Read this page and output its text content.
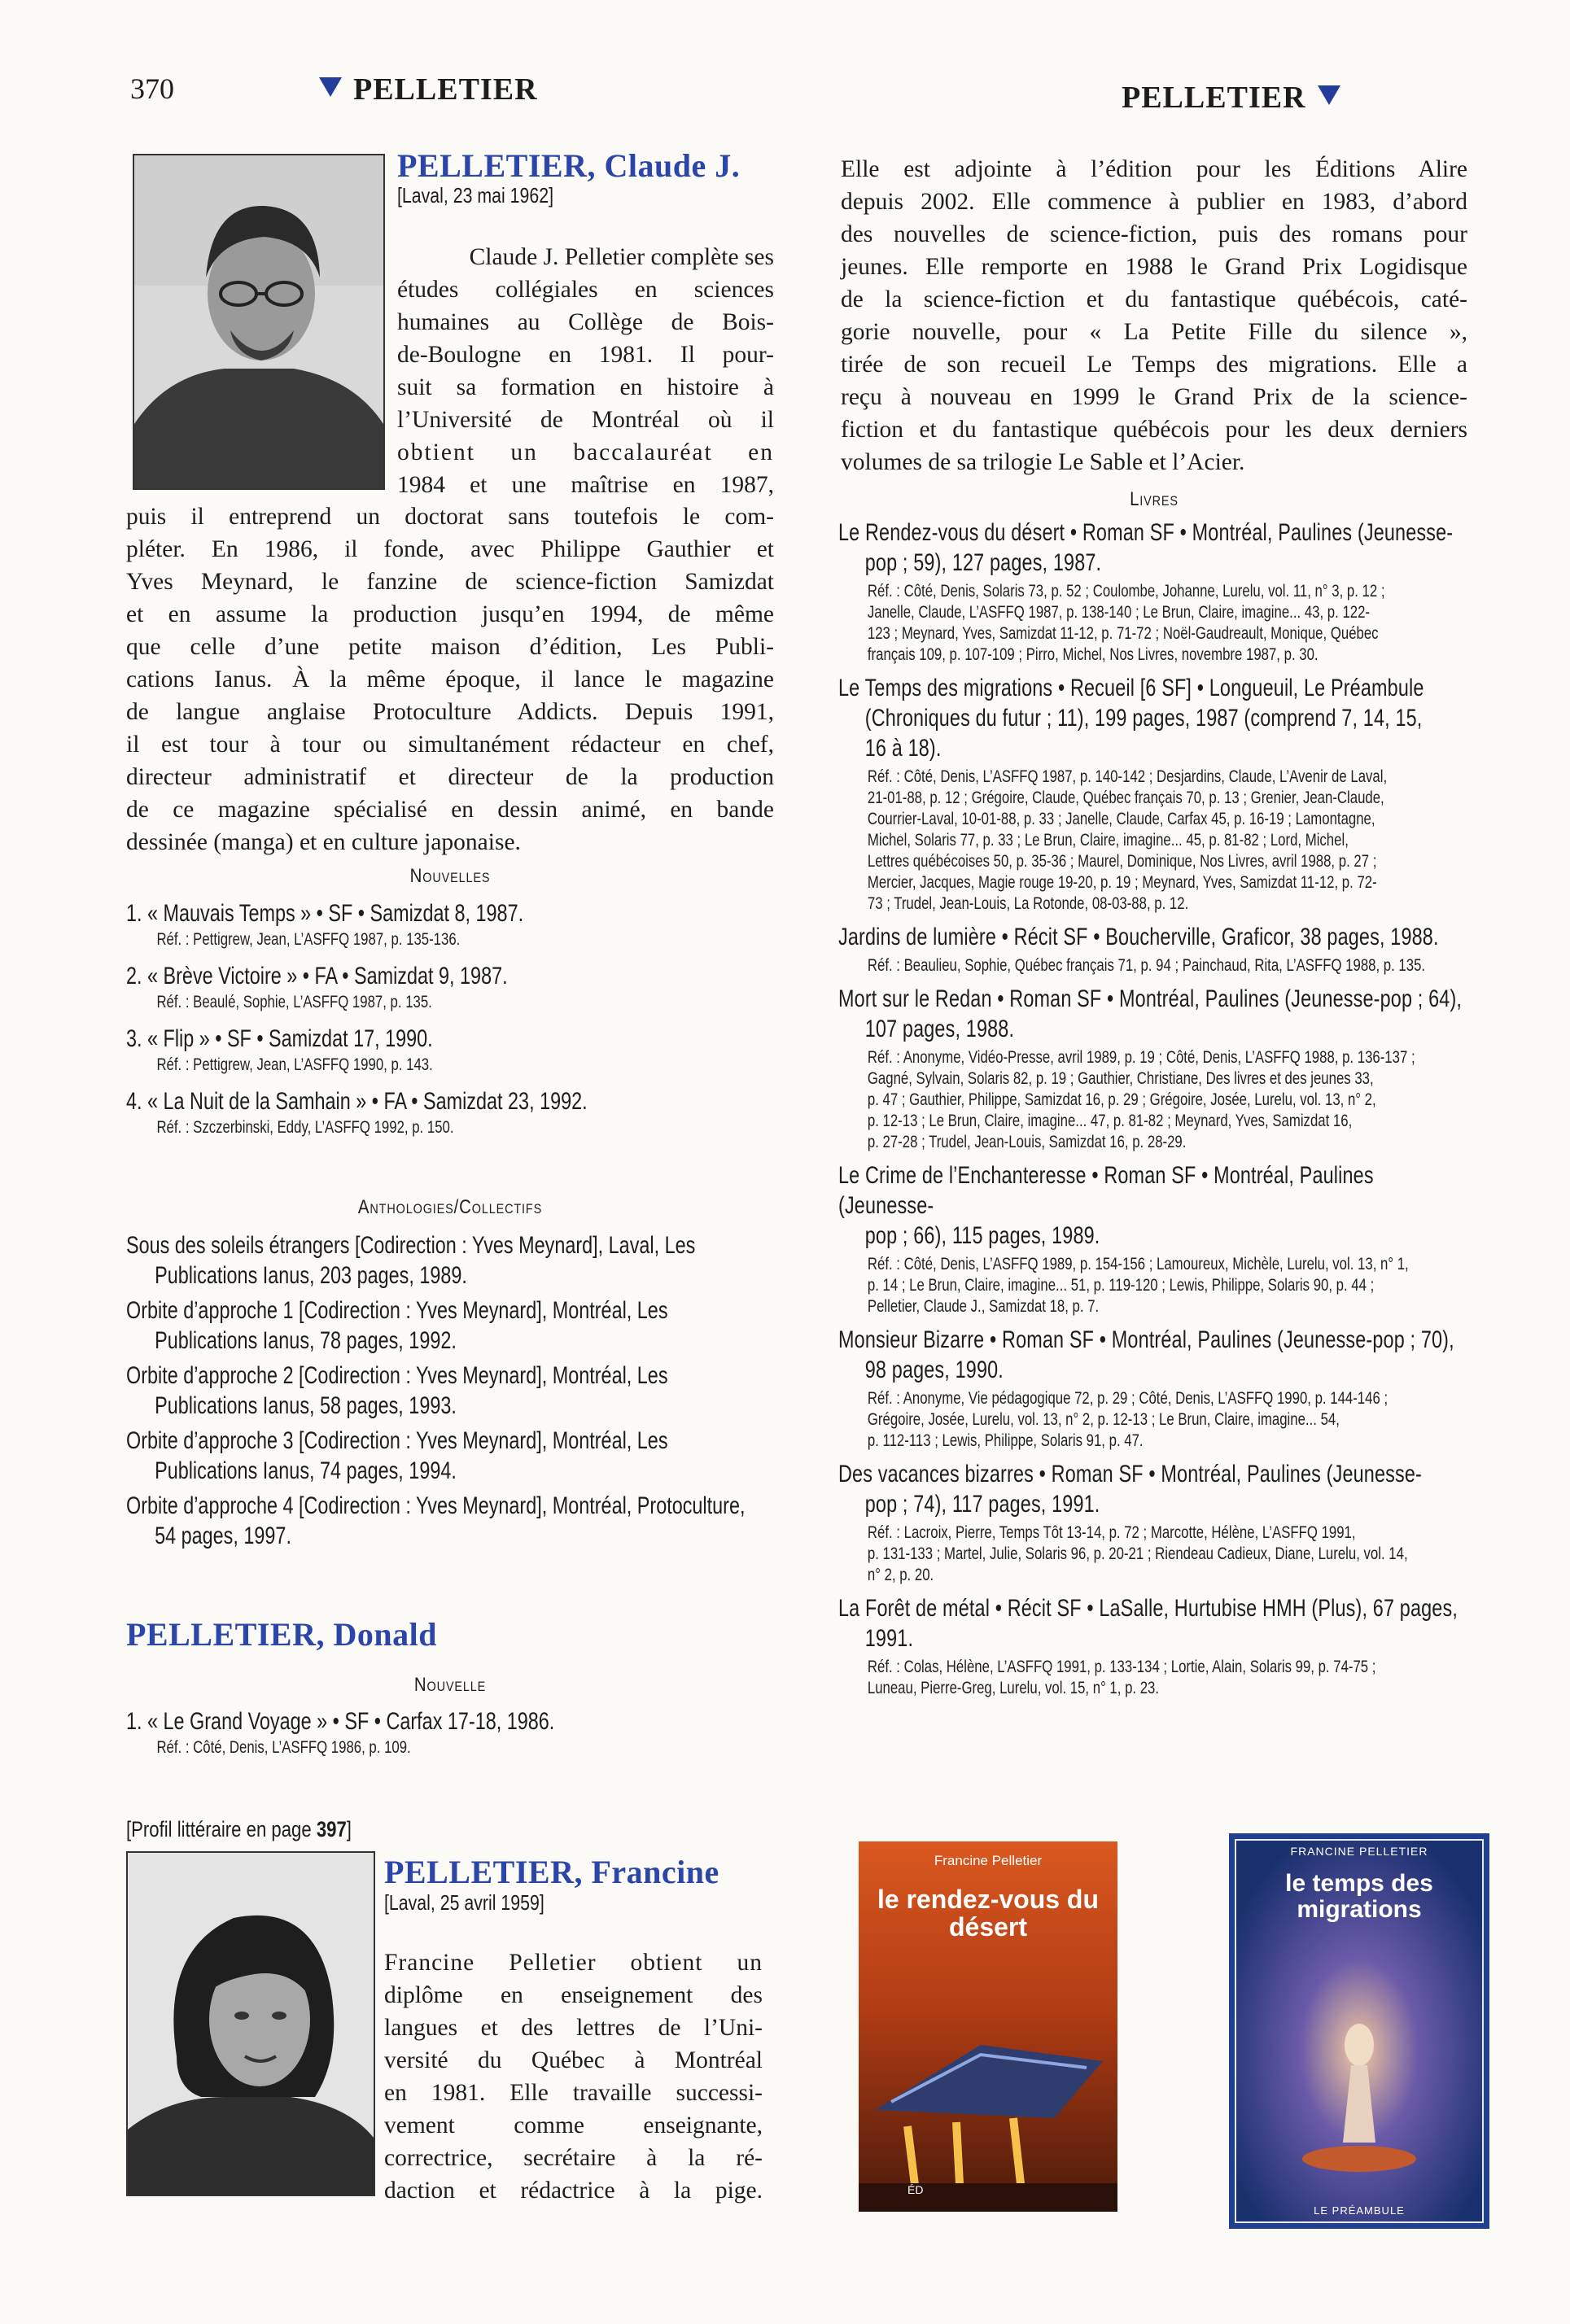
370	PELLETIER	PELLETIER
PELLETIER, Claude J.
[Laval, 23 mai 1962]

Claude J. Pelletier complète ses

études collégiales en sciences

humaines au Collège de Bois-

de-Boulogne en 1981. Il pour-

suit sa formation en histoire à

l’Université de Montréal où il

obtient un baccalauréat en

1984 et une maîtrise en 1987,

puis il entreprend un doctorat sans toutefois le com-

pléter. En 1986, il fonde, avec Philippe Gauthier et

Yves Meynard, le fanzine de science-fiction Samizdat

et en assume la production jusqu’en 1994, de même

que celle d’une petite maison d’édition, Les Publi-

cations Ianus. À la même époque, il lance le magazine

de langue anglaise Protoculture Addicts. Depuis 1991,

il est tour à tour ou simultanément rédacteur en chef,

directeur administratif et directeur de la production

de ce magazine spécialisé en dessin animé, en bande

dessinée (manga) et en culture japonaise.

Nouvelles
1. « Mauvais Temps » • SF • Samizdat 8, 1987.
Réf. : Pettigrew, Jean, L’ASFFQ 1987, p. 135-136.
2. « Brève Victoire » • FA • Samizdat 9, 1987.
Réf. : Beaulé, Sophie, L’ASFFQ 1987, p. 135.
3. « Flip » • SF • Samizdat 17, 1990.
Réf. : Pettigrew, Jean, L’ASFFQ 1990, p. 143.
4. « La Nuit de la Samhain » • FA • Samizdat 23, 1992.
Réf. : Szczerbinski, Eddy, L’ASFFQ 1992, p. 150.
Anthologies/Collectifs
Sous des soleils étrangers [Codirection : Yves Meynard], Laval, Les
Publications Ianus, 203 pages, 1989.
Orbite d’approche 1 [Codirection : Yves Meynard], Montréal, Les
Publications Ianus, 78 pages, 1992.
Orbite d’approche 2 [Codirection : Yves Meynard], Montréal, Les
Publications Ianus, 58 pages, 1993.
Orbite d’approche 3 [Codirection : Yves Meynard], Montréal, Les
Publications Ianus, 74 pages, 1994.
Orbite d’approche 4 [Codirection : Yves Meynard], Montréal, Protoculture,
54 pages, 1997.
PELLETIER, Donald
Nouvelle
1. « Le Grand Voyage » • SF • Carfax 17-18, 1986.
Réf. : Côté, Denis, L’ASFFQ 1986, p. 109.
[Profil littéraire en page 397]
PELLETIER, Francine
[Laval, 25 avril 1959]

Francine Pelletier obtient un

diplôme en enseignement des

langues et des lettres de l’Uni-

versité du Québec à Montréal

en 1981. Elle travaille successi-

vement comme enseignante,

correctrice, secrétaire à la ré-

daction et rédactrice à la pige.

Elle est adjointe à l’édition pour les Éditions Alire

depuis 2002. Elle commence à publier en 1983, d’abord

des nouvelles de science-fiction, puis des romans pour

jeunes. Elle remporte en 1988 le Grand Prix Logidisque

de la science-fiction et du fantastique québécois, caté-

gorie nouvelle, pour « La Petite Fille du silence »,

tirée de son recueil Le Temps des migrations. Elle a

reçu à nouveau en 1999 le Grand Prix de la science-

fiction et du fantastique québécois pour les deux derniers

volumes de sa trilogie Le Sable et l’Acier.

Livres
Le Rendez-vous du désert • Roman SF • Montréal, Paulines (Jeunesse-
pop ; 59), 127 pages, 1987.
Réf. : Côté, Denis, Solaris 73, p. 52 ; Coulombe, Johanne, Lurelu, vol. 11, n° 3, p. 12 ;
Janelle, Claude, L’ASFFQ 1987, p. 138-140 ; Le Brun, Claire, imagine... 43, p. 122-
123 ; Meynard, Yves, Samizdat 11-12, p. 71-72 ; Noël-Gaudreault, Monique, Québec
français 109, p. 107-109 ; Pirro, Michel, Nos Livres, novembre 1987, p. 30.
Le Temps des migrations • Recueil [6 SF] • Longueuil, Le Préambule
(Chroniques du futur ; 11), 199 pages, 1987 (comprend 7, 14, 15,
16 à 18).
Réf. : Côté, Denis, L’ASFFQ 1987, p. 140-142 ; Desjardins, Claude, L’Avenir de Laval,
21-01-88, p. 12 ; Grégoire, Claude, Québec français 70, p. 13 ; Grenier, Jean-Claude,
Courrier-Laval, 10-01-88, p. 33 ; Janelle, Claude, Carfax 45, p. 16-19 ; Lamontagne,
Michel, Solaris 77, p. 33 ; Le Brun, Claire, imagine... 45, p. 81-82 ; Lord, Michel,
Lettres québécoises 50, p. 35-36 ; Maurel, Dominique, Nos Livres, avril 1988, p. 27 ;
Mercier, Jacques, Magie rouge 19-20, p. 19 ; Meynard, Yves, Samizdat 11-12, p. 72-
73 ; Trudel, Jean-Louis, La Rotonde, 08-03-88, p. 12.
Jardins de lumière • Récit SF • Boucherville, Graficor, 38 pages, 1988.
Réf. : Beaulieu, Sophie, Québec français 71, p. 94 ; Painchaud, Rita, L’ASFFQ 1988, p. 135.
Mort sur le Redan • Roman SF • Montréal, Paulines (Jeunesse-pop ; 64),
107 pages, 1988.
Réf. : Anonyme, Vidéo-Presse, avril 1989, p. 19 ; Côté, Denis, L’ASFFQ 1988, p. 136-137 ;
Gagné, Sylvain, Solaris 82, p. 19 ; Gauthier, Christiane, Des livres et des jeunes 33,
p. 47 ; Gauthier, Philippe, Samizdat 16, p. 29 ; Grégoire, Josée, Lurelu, vol. 13, n° 2,
p. 12-13 ; Le Brun, Claire, imagine... 47, p. 81-82 ; Meynard, Yves, Samizdat 16,
p. 27-28 ; Trudel, Jean-Louis, Samizdat 16, p. 28-29.
Le Crime de l’Enchanteresse • Roman SF • Montréal, Paulines (Jeunesse-
pop ; 66), 115 pages, 1989.
Réf. : Côté, Denis, L’ASFFQ 1989, p. 154-156 ; Lamoureux, Michèle, Lurelu, vol. 13, n° 1,
p. 14 ; Le Brun, Claire, imagine... 51, p. 119-120 ; Lewis, Philippe, Solaris 90, p. 44 ;
Pelletier, Claude J., Samizdat 18, p. 7.
Monsieur Bizarre • Roman SF • Montréal, Paulines (Jeunesse-pop ; 70),
98 pages, 1990.
Réf. : Anonyme, Vie pédagogique 72, p. 29 ; Côté, Denis, L’ASFFQ 1990, p. 144-146 ;
Grégoire, Josée, Lurelu, vol. 13, n° 2, p. 12-13 ; Le Brun, Claire, imagine... 54,
p. 112-113 ; Lewis, Philippe, Solaris 91, p. 47.
Des vacances bizarres • Roman SF • Montréal, Paulines (Jeunesse-
pop ; 74), 117 pages, 1991.
Réf. : Lacroix, Pierre, Temps Tôt 13-14, p. 72 ; Marcotte, Hélène, L’ASFFQ 1991,
p. 131-133 ; Martel, Julie, Solaris 96, p. 20-21 ; Riendeau Cadieux, Diane, Lurelu, vol. 14,
n° 2, p. 20.
La Forêt de métal • Récit SF • LaSalle, Hurtubise HMH (Plus), 67 pages,
1991.
Réf. : Colas, Hélène, L’ASFFQ 1991, p. 133-134 ; Lortie, Alain, Solaris 99, p. 74-75 ;
Luneau, Pierre-Greg, Lurelu, vol. 15, n° 1, p. 23.
Francine Pelletier
le rendez-vous du désert
ÉD
FRANCINE PELLETIER
le temps des migrations
LE PRÉAMBULE
